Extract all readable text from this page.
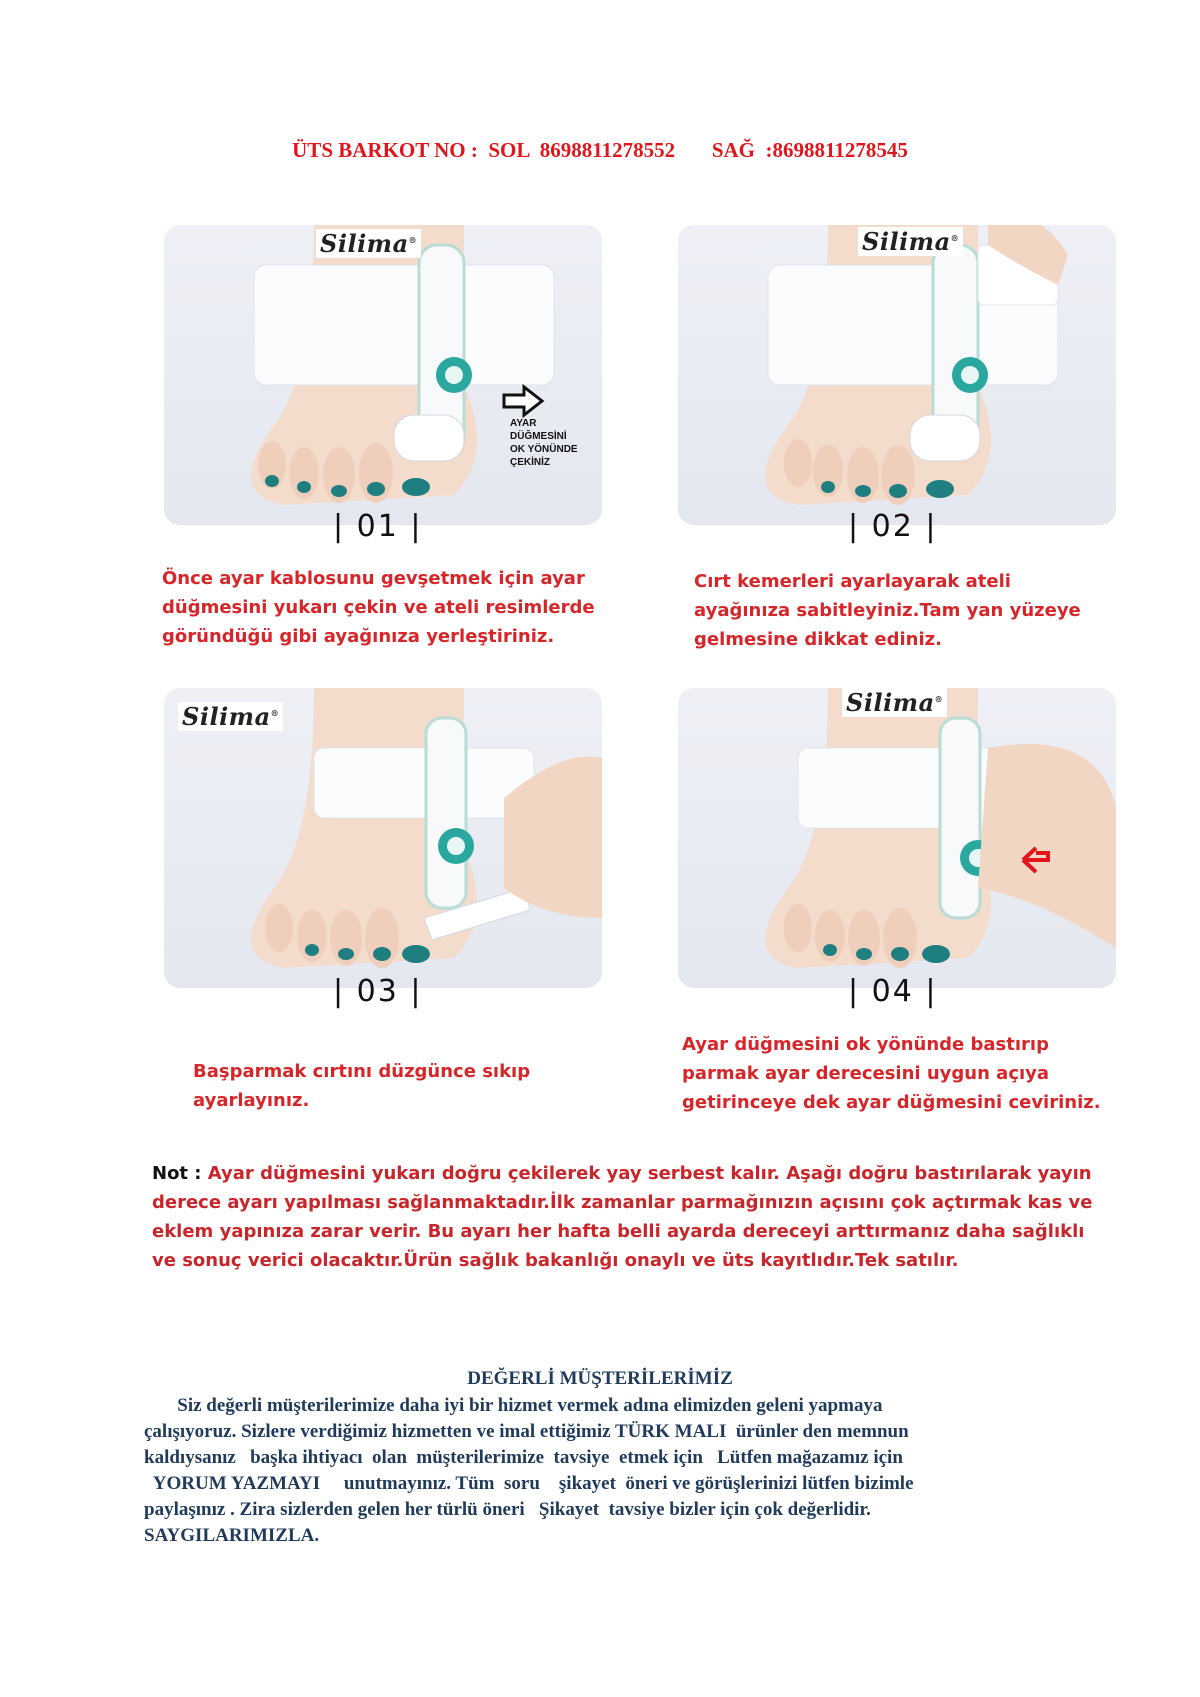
ÜTS BARKOT NO :  SOL  8698811278552 SAĞ  :8698811278545
Silima®
AYAR
DÜĞMESİNİ
OK YÖNÜNDE
ÇEKİNİZ
Silima®
| 01 |	| 02 |
Önce ayar kablosunu gevşetmek için ayar düğmesini yukarı çekin ve ateli resimlerde göründüğü gibi ayağınıza yerleştiriniz.
Cırt kemerleri ayarlayarak ateli ayağınıza sabitleyiniz.Tam yan yüzeye gelmesine dikkat ediniz.
Silima®	Silima®
| 03 |	| 04 |
Başparmak cırtını düzgünce sıkıp ayarlayınız.
Ayar düğmesini ok yönünde bastırıp parmak ayar derecesini uygun açıya getirinceye dek ayar düğmesini ceviriniz.
Not : Ayar düğmesini yukarı doğru çekilerek yay serbest kalır. Aşağı doğru bastırılarak yayın derece ayarı yapılması sağlanmaktadır.İlk zamanlar parmağınızın açısını çok açtırmak kas ve eklem yapınıza zarar verir. Bu ayarı her hafta belli ayarda dereceyi arttırmanız daha sağlıklı ve sonuç verici olacaktır.Ürün sağlık bakanlığı onaylı ve üts kayıtlıdır.Tek satılır.
DEĞERLİ MÜŞTERİLERİMİZ
Siz değerli müşterilerimize daha iyi bir hizmet vermek adına elimizden geleni yapmaya
çalışıyoruz. Sizlere verdiğimiz hizmetten ve imal ettiğimiz TÜRK MALI  ürünler den memnun
kaldıysanız   başka ihtiyacı  olan  müşterilerimize  tavsiye  etmek için   Lütfen mağazamız için
YORUM YAZMAYI     unutmayınız. Tüm  soru    şikayet  öneri ve görüşlerinizi lütfen bizimle
paylaşınız . Zira sizlerden gelen her türlü öneri   Şikayet  tavsiye bizler için çok değerlidir.
SAYGILARIMIZLA.
